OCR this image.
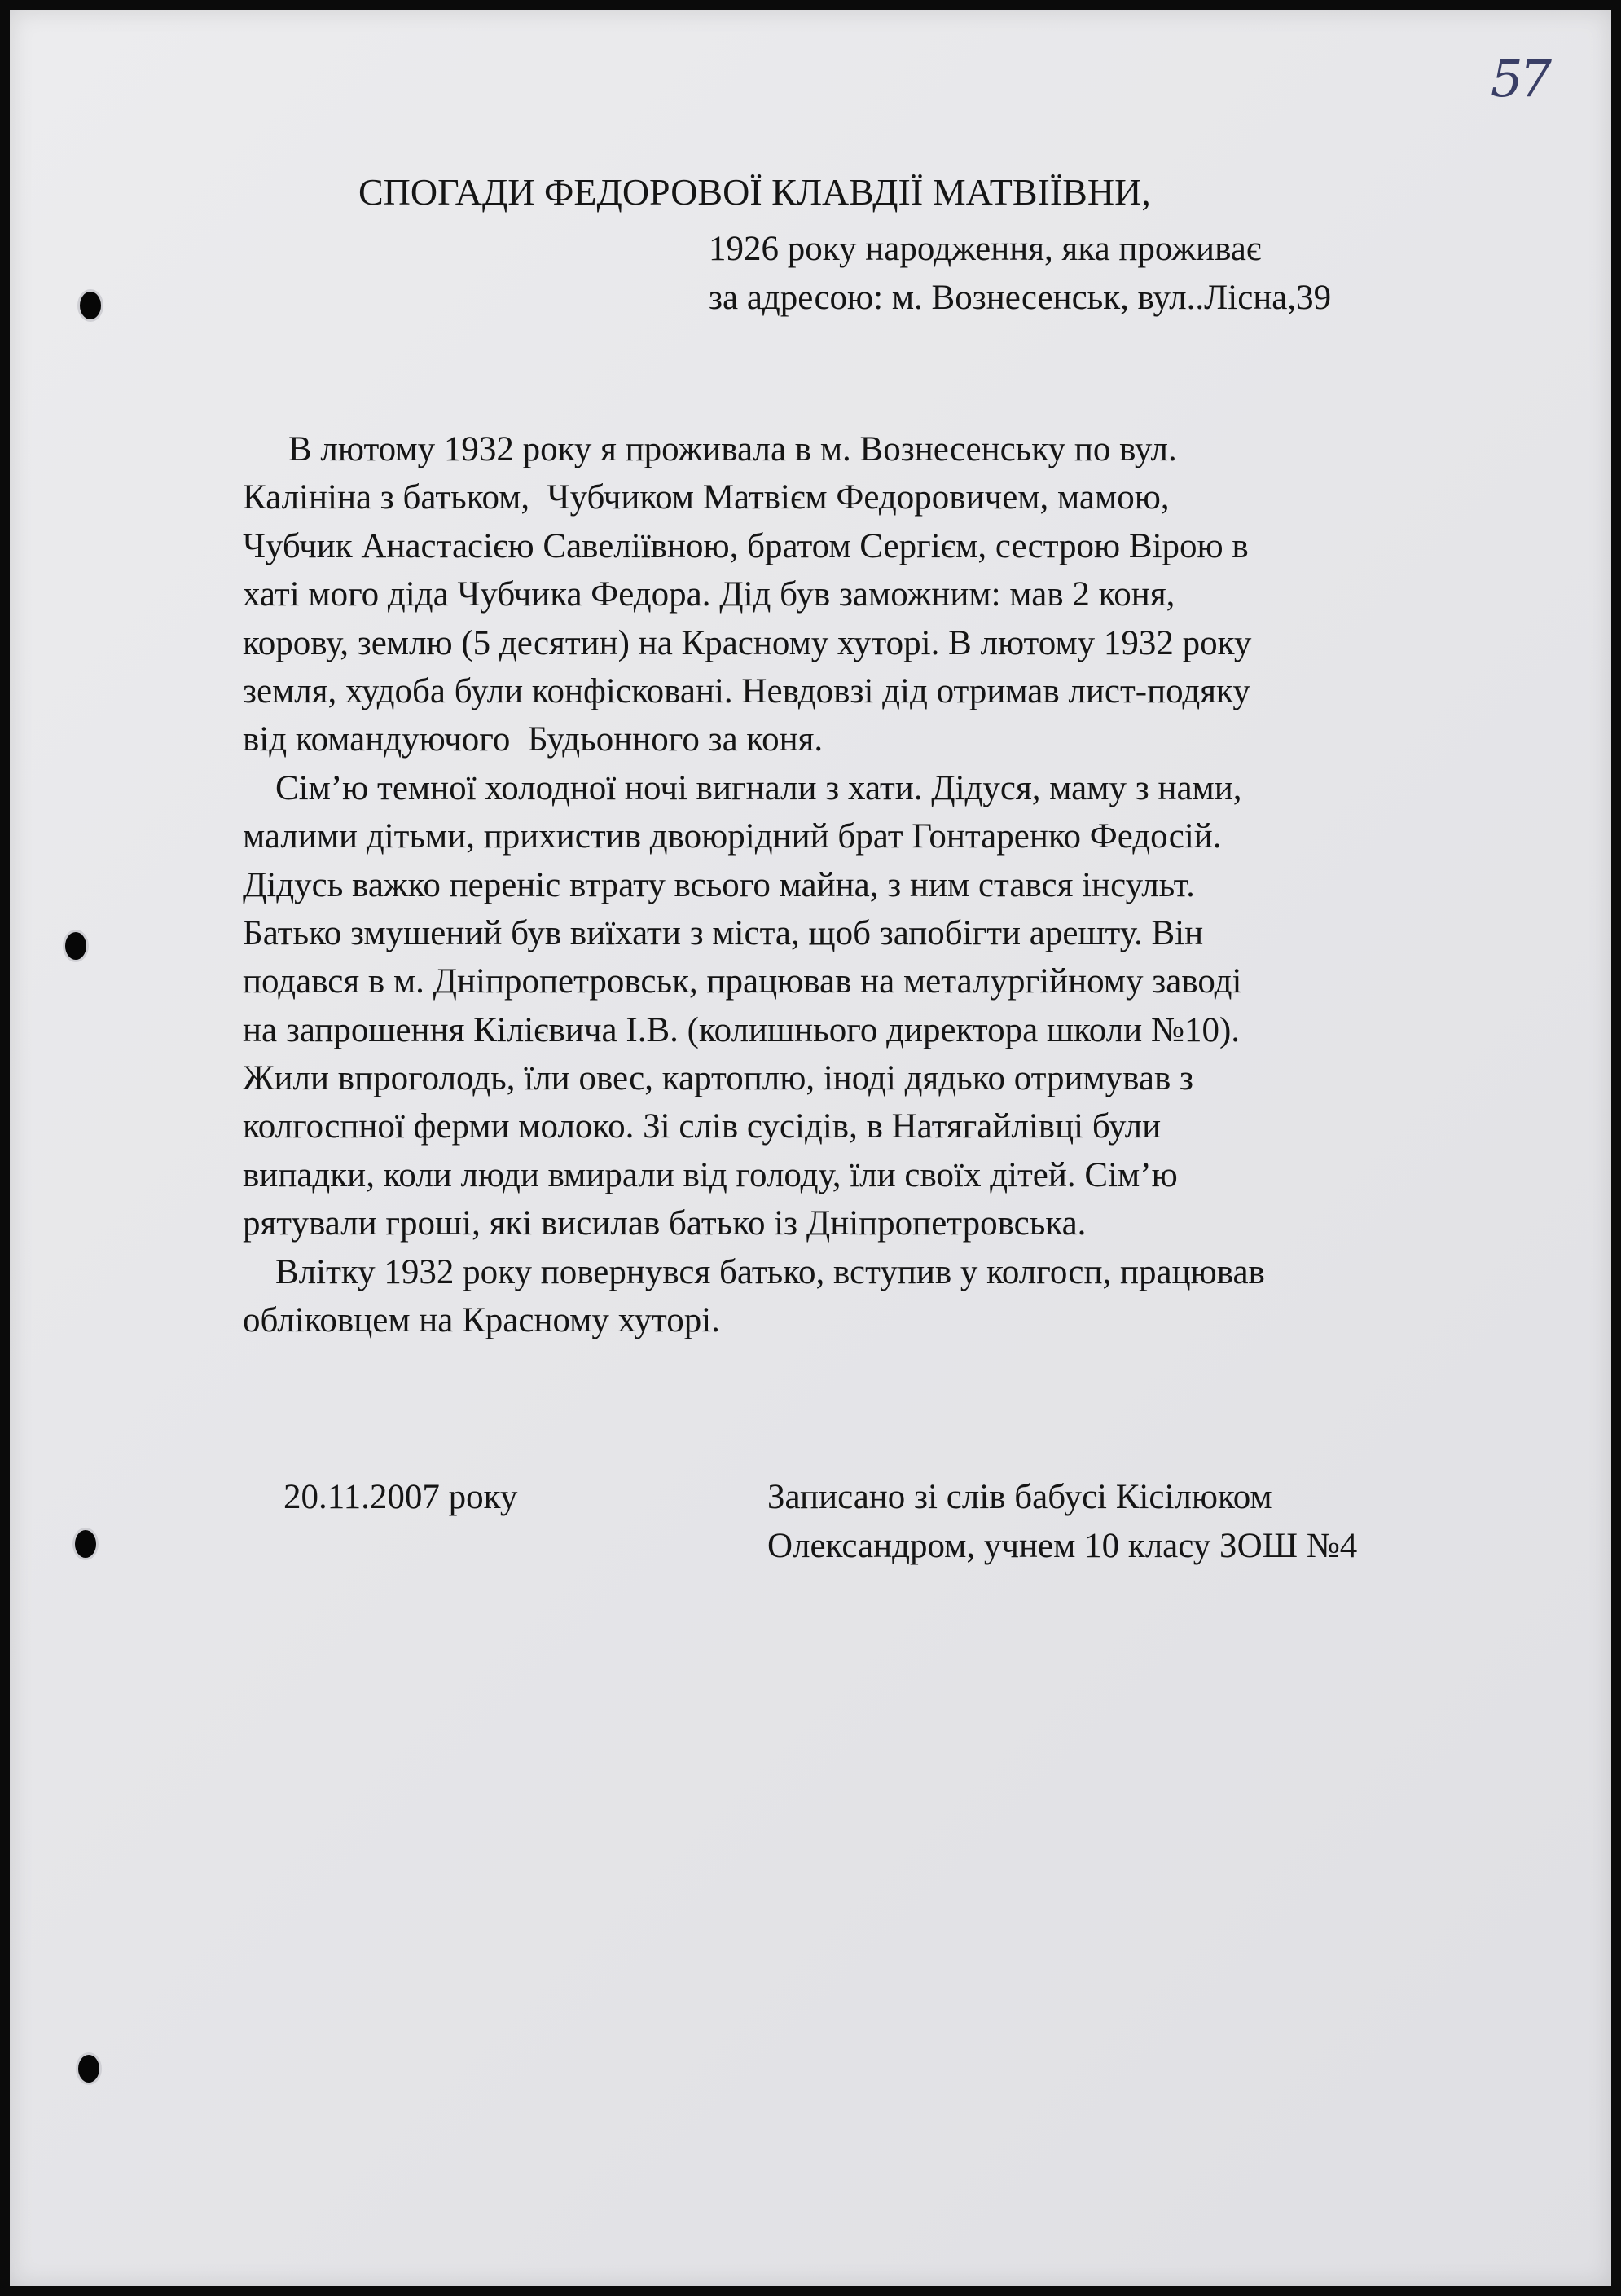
57
СПОГАДИ ФЕДОРОВОЇ КЛАВДІЇ МАТВІЇВНИ,
1926 року народження, яка проживає
за адресою: м. Вознесенськ, вул..Лісна,39
В лютому 1932 року я проживала в м. Вознесенську по вул.
Калініна з батьком,  Чубчиком Матвієм Федоровичем, мамою,
Чубчик Анастасією Савеліївною, братом Сергієм, сестрою Вірою в
хаті мого діда Чубчика Федора. Дід був заможним: мав 2 коня,
корову, землю (5 десятин) на Красному хуторі. В лютому 1932 року
земля, худоба були конфісковані. Невдовзі дід отримав лист-подяку
від командуючого  Будьонного за коня.
Сім’ю темної холодної ночі вигнали з хати. Дідуся, маму з нами,
малими дітьми, прихистив двоюрідний брат Гонтаренко Федосій.
Дідусь важко переніс втрату всього майна, з ним стався інсульт.
Батько змушений був виїхати з міста, щоб запобігти арешту. Він
подався в м. Дніпропетровськ, працював на металургійному заводі
на запрошення Кілієвича І.В. (колишнього директора школи №10).
Жили впроголодь, їли овес, картоплю, іноді дядько отримував з
колгоспної ферми молоко. Зі слів сусідів, в Натягайлівці були
випадки, коли люди вмирали від голоду, їли своїх дітей. Сім’ю
рятували гроші, які висилав батько із Дніпропетровська.
Влітку 1932 року повернувся батько, вступив у колгосп, працював
обліковцем на Красному хуторі.
20.11.2007 року	Записано зі слів бабусі Кісілюком
Олександром, учнем 10 класу ЗОШ №4
